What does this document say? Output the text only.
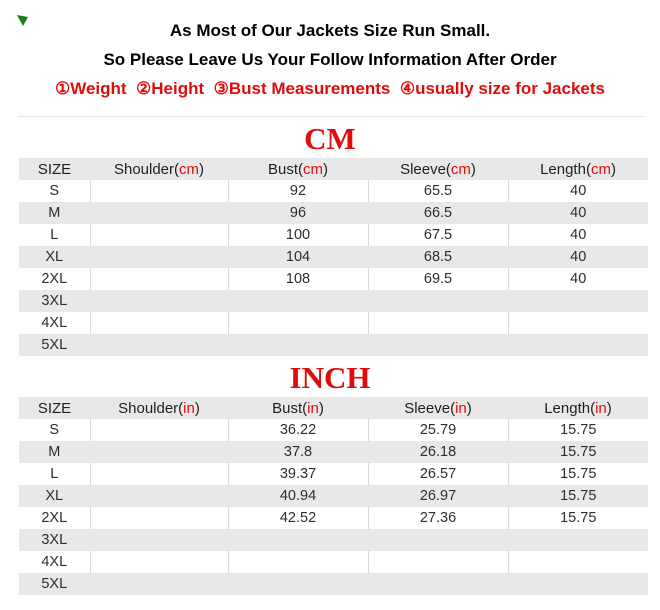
As Most of Our Jackets Size Run Small.
So Please Leave Us Your Follow Information After Order
①Weight  ②Height  ③Bust Measurements  ④usually size for Jackets
CM
SIZE	Shoulder(cm)	Bust(cm)	Sleeve(cm)	Length(cm)
S		92	65.5	40
M		96	66.5	40
L		100	67.5	40
XL		104	68.5	40
2XL		108	69.5	40
3XL				
4XL				
5XL				
INCH
SIZE	Shoulder(in)	Bust(in)	Sleeve(in)	Length(in)
S		36.22	25.79	15.75
M		37.8	26.18	15.75
L		39.37	26.57	15.75
XL		40.94	26.97	15.75
2XL		42.52	27.36	15.75
3XL				
4XL				
5XL				
